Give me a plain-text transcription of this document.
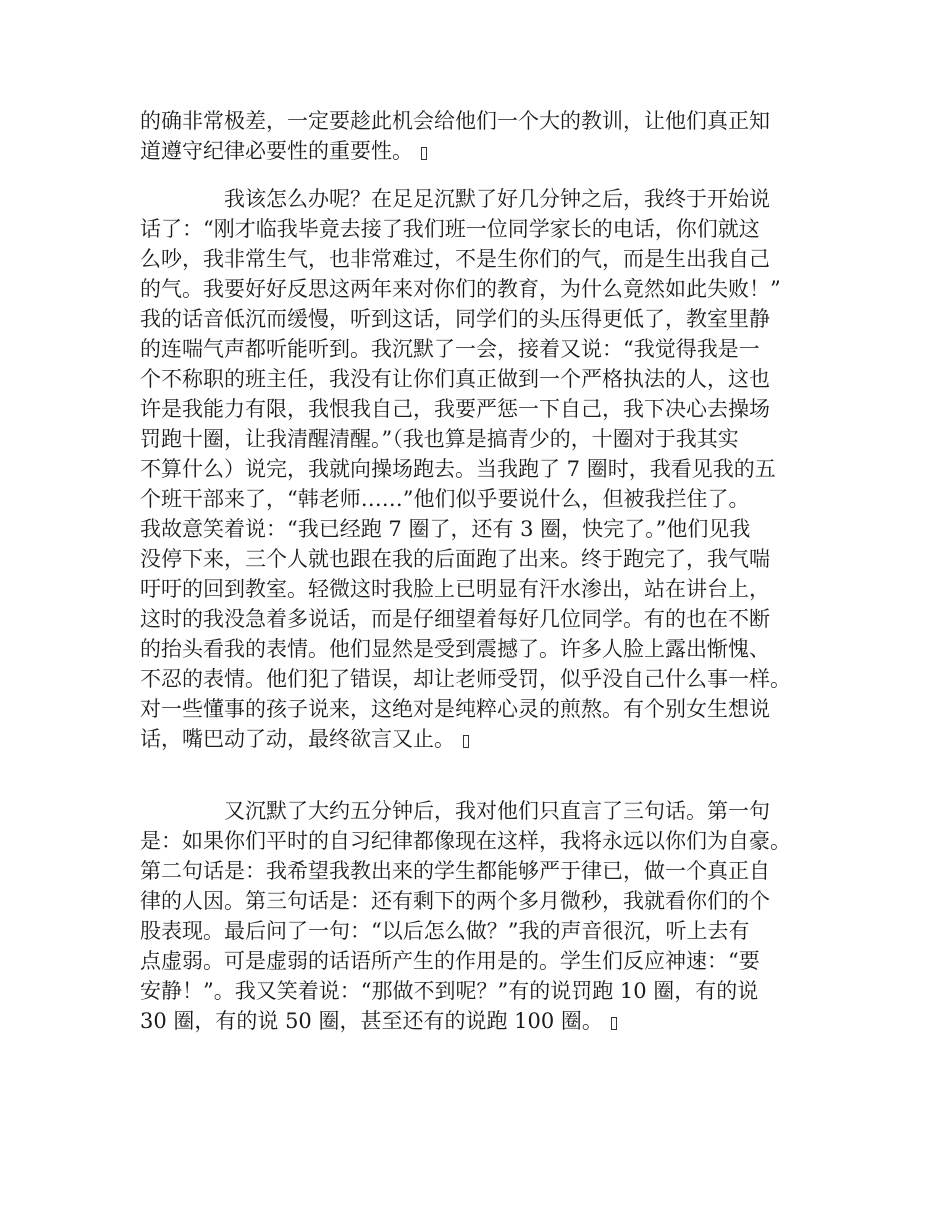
的确非常极差，一定要趁此机会给他们一个大的教训，让他们真正知
道遵守纪律必要性的重要性。
我该怎么办呢？在足足沉默了好几分钟之后，我终于开始说
话了：“刚才临我毕竟去接了我们班一位同学家长的电话，你们就这
么吵，我非常生气，也非常难过，不是生你们的气，而是生出我自己
的气。我要好好反思这两年来对你们的教育，为什么竟然如此失败！”
我的话音低沉而缓慢，听到这话，同学们的头压得更低了，教室里静
的连喘气声都听能听到。我沉默了一会，接着又说：“我觉得我是一
个不称职的班主任，我没有让你们真正做到一个严格执法的人，这也
许是我能力有限，我恨我自己，我要严惩一下自己，我下决心去操场
罚跑十圈，让我清醒清醒。”（我也算是搞青少的，十圈对于我其实
不算什么）说完，我就向操场跑去。当我跑了 7 圈时，我看见我的五
个班干部来了，“韩老师……”他们似乎要说什么，但被我拦住了。
我故意笑着说：“我已经跑 7 圈了，还有 3 圈，快完了。”他们见我
没停下来，三个人就也跟在我的后面跑了出来。终于跑完了，我气喘
吁吁的回到教室。轻微这时我脸上已明显有汗水渗出，站在讲台上，
这时的我没急着多说话，而是仔细望着每好几位同学。有的也在不断
的抬头看我的表情。他们显然是受到震撼了。许多人脸上露出惭愧、
不忍的表情。他们犯了错误，却让老师受罚，似乎没自己什么事一样。
对一些懂事的孩子说来，这绝对是纯粹心灵的煎熬。有个别女生想说
话，嘴巴动了动，最终欲言又止。
又沉默了大约五分钟后，我对他们只直言了三句话。第一句
是：如果你们平时的自习纪律都像现在这样，我将永远以你们为自豪。
第二句话是：我希望我教出来的学生都能够严于律已，做一个真正自
律的人因。第三句话是：还有剩下的两个多月微秒，我就看你们的个
股表现。最后问了一句：“以后怎么做？”我的声音很沉，听上去有
点虚弱。可是虚弱的话语所产生的作用是的。学生们反应神速：“要
安静！”。我又笑着说：“那做不到呢？”有的说罚跑 10 圈，有的说
30 圈，有的说 50 圈，甚至还有的说跑 100 圈。
